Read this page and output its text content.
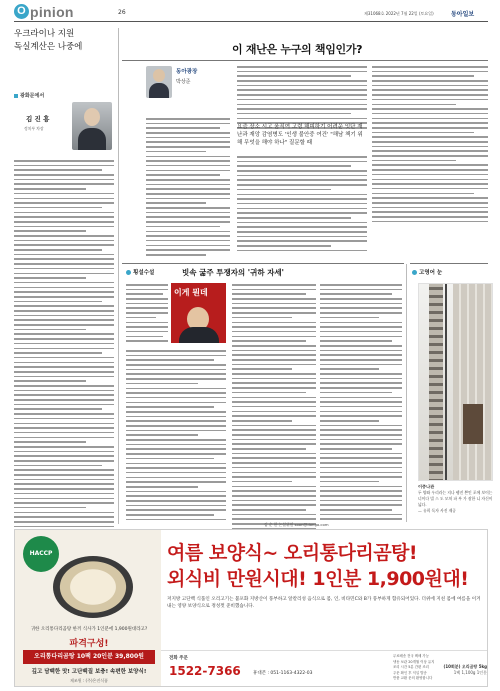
O pinion	26	제31068호 2022년 7월 22일 (토요일)	동아일보
우크라이나 지원
독실계산은 나중에
광화문에서
김 진 흥
정치부 차장
이 재난은 누구의 책임인가?
동아광장
박상준
요즘 장소 시고 움직여 고령 해피하기 어려운 잇단 재난과 재앙 감염병도 '인생 불안중 여건' "해남 책기 위해 무엇을 해야 하나" 질문할 때
횡설수설	빗속 굶주 투쟁자의 '귀하 자세'
이게 뭔데
김 순 한 논설위원 soon@donga.com
고영어 눈
이중나관
두 양와 우리라는 지나 펭진 쁜인 포에 보이는 너이다 빌 스 도 모처 파 부 가 잠한 니 자신이 넓다.
— 유희 독자 사진 제공
HACCP
귀한 오리통다리곰탕 한끼 식사가 1인분에 1,900원대라고?
파격구성!
오리통다리곰탕 10팩 20인분 39,800원
깊고 담백한 맛! 고단백질 보충! 속편한 보양식!
제조원 : (주)은진식품
여름 보양식~ 오리통다리곰탕!
외식비 만원시대! 1인분 1,900원대!
저지방 고단백 식품인 오리고기는 불포화 지방산이 풍부하고 알칼리성 음식으로 몸, 인, 비타민C와 B가 풍부하게 함유되어있다. 더위에 지친 몸에 여름을 이겨내는 영양 보양식으로 정성껏 준비했습니다.
전화 주문
1522-7366	휴대폰 : 051-1163-4322-03
무료배송 전국 택배 가능
냉동 보관 20개월 이상 유지
조리 시간 5분 간편 조리
주문 확인 후 익일 발송
반품 교환 문의 환영합니다
(10회분) 오리곰탕 5kg
1팩 1,100g 1인분
